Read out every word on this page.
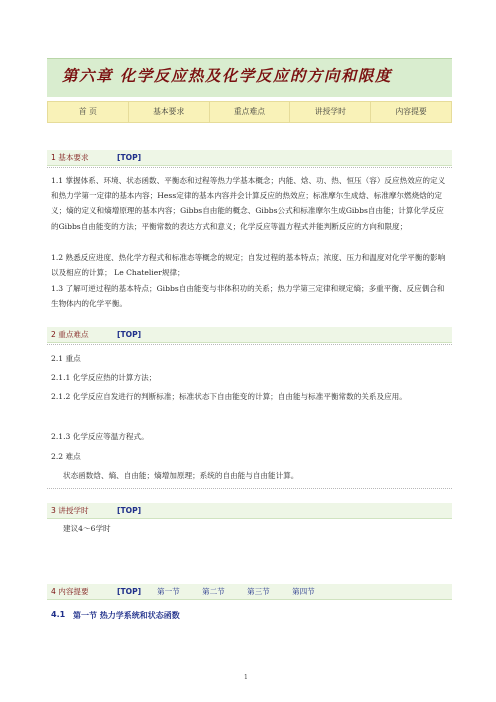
第六章 化学反应热及化学反应的方向和限度
首 页	基本要求	重点难点	讲授学时	内容提要
1 基本要求	[TOP]
1.1 掌握体系、环境、状态函数、平衡态和过程等热力学基本概念；内能、焓、功、热、恒压（容）反应热效应的定义和热力学第一定律的基本内容；Hess定律的基本内容并会计算反应的热效应；标准摩尔生成焓、标准摩尔燃烧焓的定义；熵的定义和熵增原理的基本内容；Gibbs自由能的概念、Gibbs公式和标准摩尔生成Gibbs自由能；计算化学反应的Gibbs自由能变的方法；平衡常数的表达方式和意义；化学反应等温方程式并能判断反应的方向和限度；
1.2 熟悉反应进度、热化学方程式和标准态等概念的规定；自发过程的基本特点；浓度、压力和温度对化学平衡的影响以及相应的计算； Le Chatelier规律；
1.3 了解可逆过程的基本特点；Gibbs自由能变与非体积功的关系；热力学第三定律和规定熵；多重平衡、反应偶合和生物体内的化学平衡。
2 重点难点	[TOP]
2.1 重点
2.1.1 化学反应热的计算方法；
2.1.2 化学反应自发进行的判断标准；标准状态下自由能变的计算；自由能与标准平衡常数的关系及应用。
2.1.3 化学反应等温方程式。
2.2 难点
状态函数焓、熵、自由能；熵增加原理；系统的自由能与自由能计算。
3 讲授学时	[TOP]
建议4～6学时
4 内容提要	[TOP] 第一节	第二节	第三节	第四节
4.1 第一节 热力学系统和状态函数
1
